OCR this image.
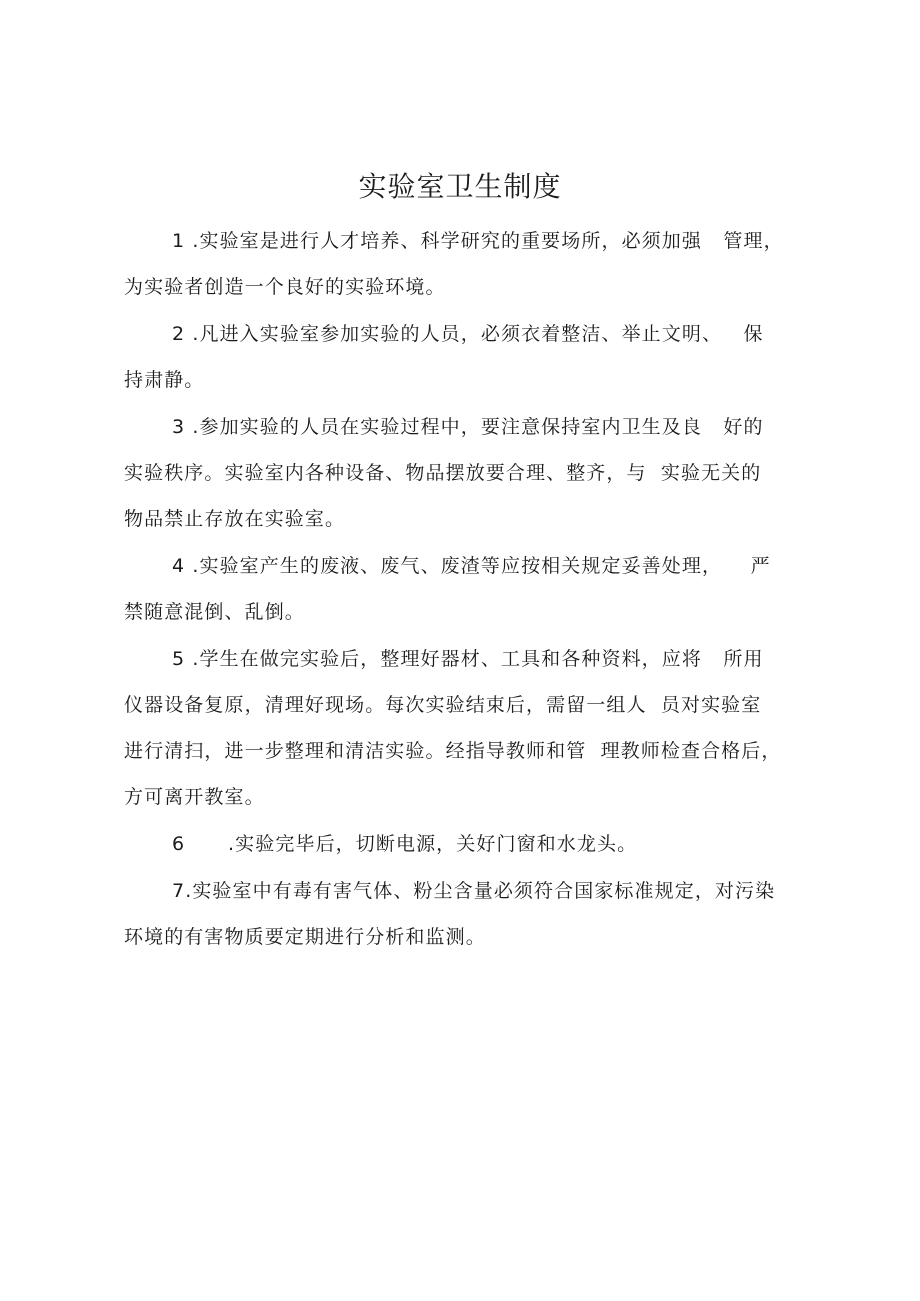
实验室卫生制度
1 .实验室是进行人才培养、科学研究的重要场所，必须加强   管理，
为实验者创造一个良好的实验环境。
2 .凡进入实验室参加实验的人员，必须衣着整洁、举止文明、   保
持肃静。
3 .参加实验的人员在实验过程中，要注意保持室内卫生及良   好的
实验秩序。实验室内各种设备、物品摆放要合理、整齐，与  实验无关的
物品禁止存放在实验室。
4 .实验室产生的废液、废气、废渣等应按相关规定妥善处理，    严
禁随意混倒、乱倒。
5 .学生在做完实验后，整理好器材、工具和各种资料，应将   所用
仪器设备复原，清理好现场。每次实验结束后，需留一组人  员对实验室
进行清扫，进一步整理和清洁实验。经指导教师和管  理教师检查合格后，
方可离开教室。
6      .实验完毕后，切断电源，关好门窗和水龙头。
7.实验室中有毒有害气体、粉尘含量必须符合国家标准规定，对污染
环境的有害物质要定期进行分析和监测。
